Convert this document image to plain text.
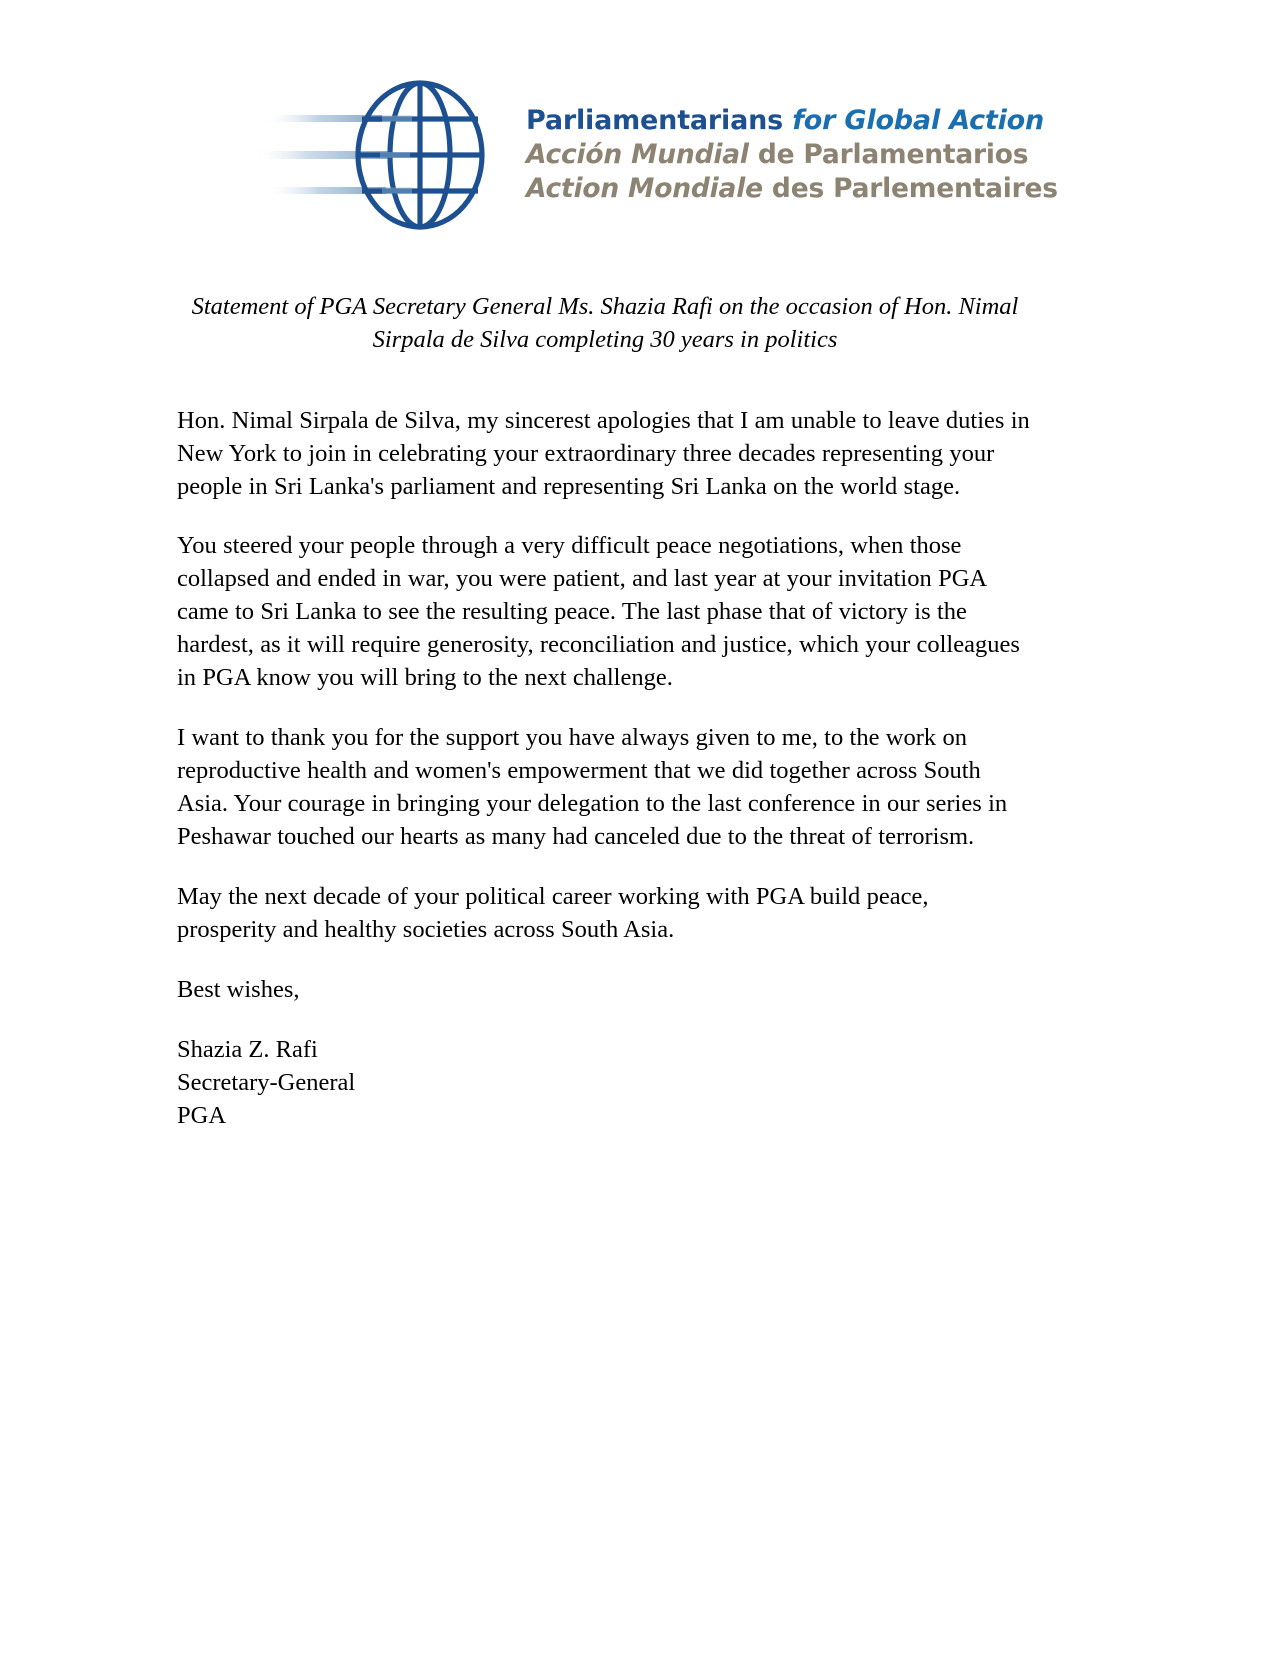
Parliamentarians for Global Action
Acción Mundial de Parlamentarios
Action Mondiale des Parlementaires
Statement of PGA Secretary General Ms. Shazia Rafi on the occasion of Hon. Nimal Sirpala de Silva completing 30 years in politics

Hon. Nimal Sirpala de Silva, my sincerest apologies that I am unable to leave duties in New York to join in celebrating your extraordinary three decades representing your people in Sri Lanka's parliament and representing Sri Lanka on the world stage.

You steered your people through a very difficult peace negotiations, when those collapsed and ended in war, you were patient, and last year at your invitation PGA came to Sri Lanka to see the resulting peace. The last phase that of victory is the hardest, as it will require generosity, reconciliation and justice, which your colleagues in PGA know you will bring to the next challenge.

I want to thank you for the support you have always given to me, to the work on reproductive health and women's empowerment that we did together across South Asia. Your courage in bringing your delegation to the last conference in our series in Peshawar touched our hearts as many had canceled due to the threat of terrorism.

May the next decade of your political career working with PGA build peace, prosperity and healthy societies across South Asia.

Best wishes,
Shazia Z. Rafi
Secretary-General
PGA
